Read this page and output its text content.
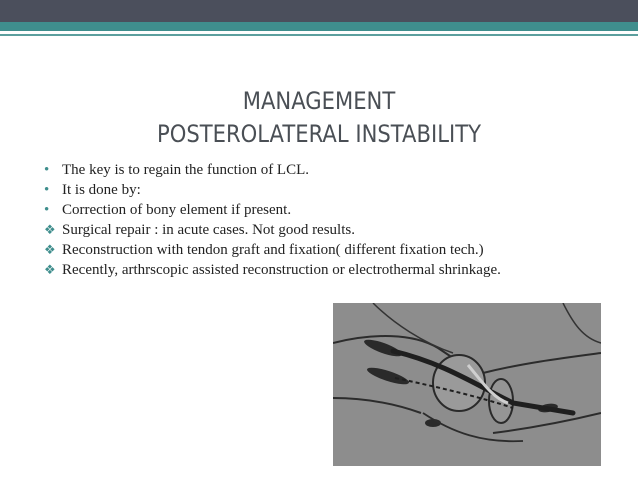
MANAGEMENT
POSTEROLATERAL INSTABILITY
• The key is to regain the function of LCL.
• It is done by:
• Correction of bony element if present.
❖ Surgical repair : in acute cases. Not good results.
❖ Reconstruction with tendon graft and fixation( different fixation tech.)
❖ Recently, arthrscopic assisted reconstruction or electrothermal shrinkage.
